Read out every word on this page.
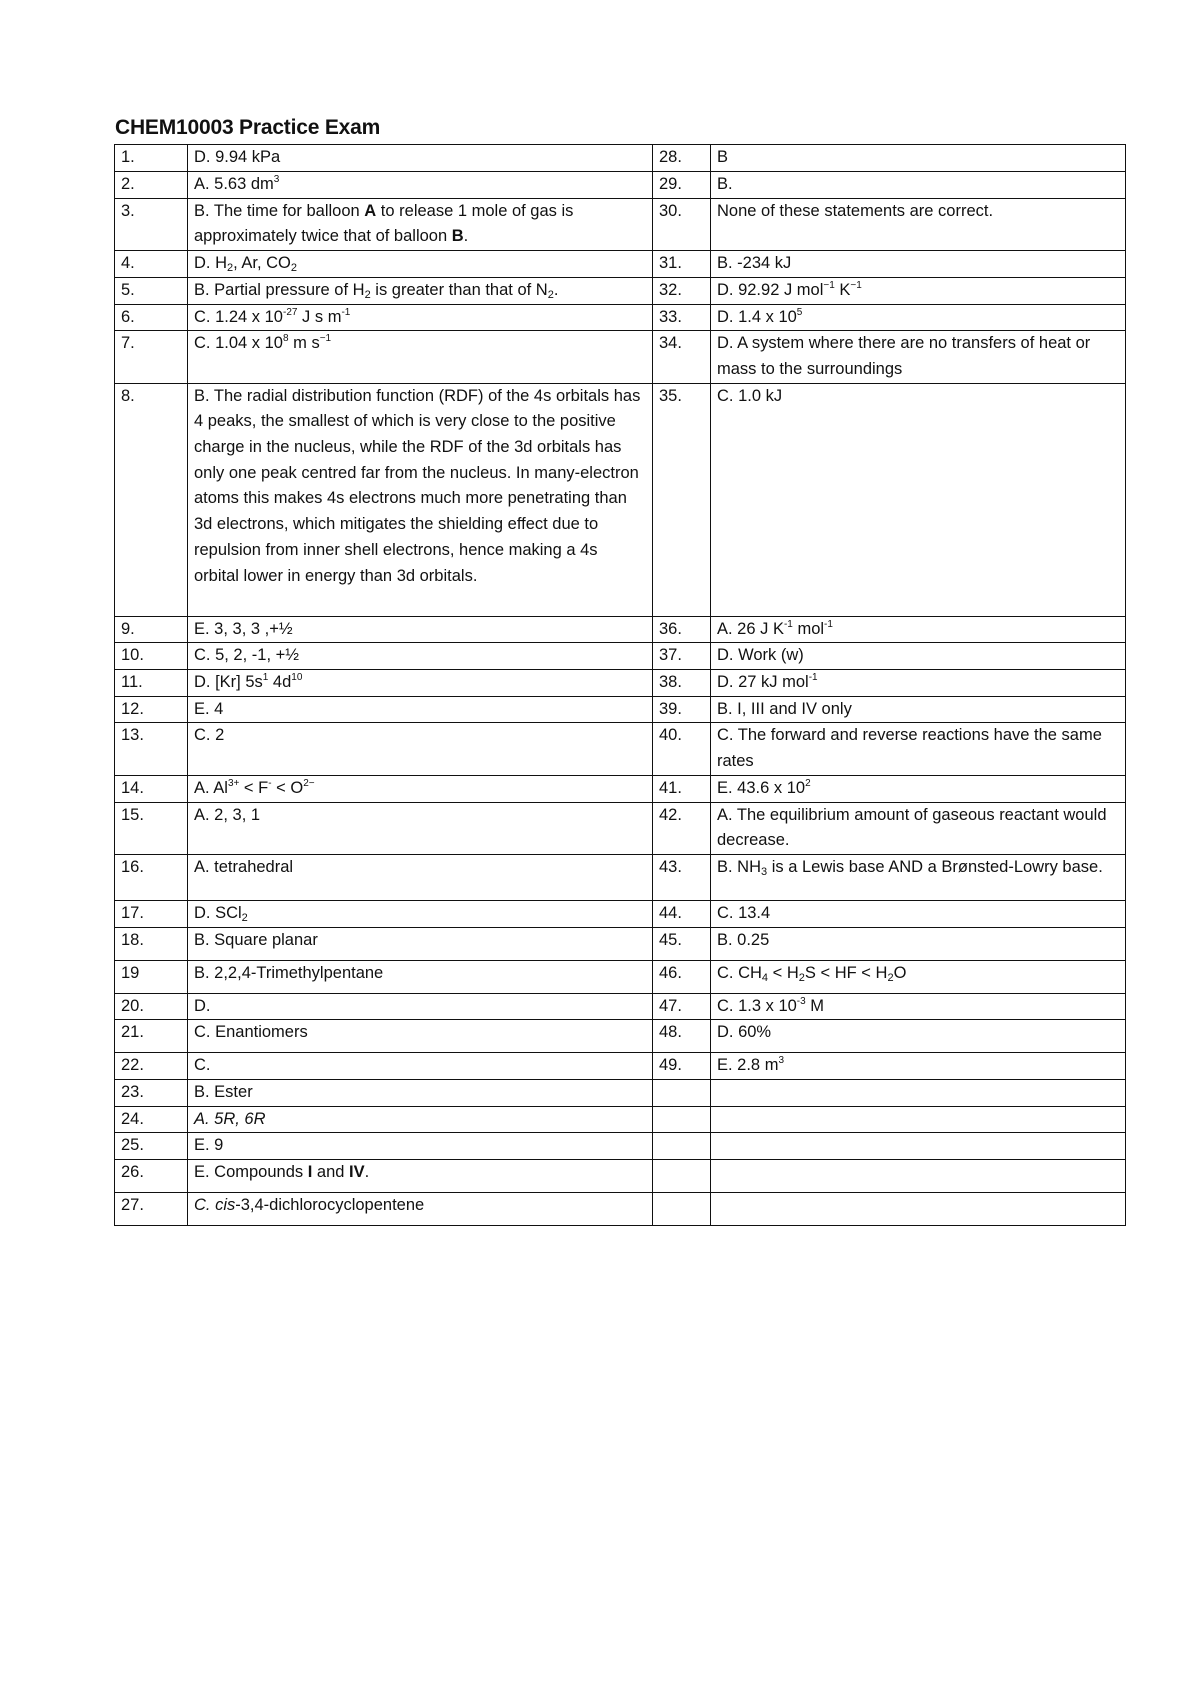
CHEM10003 Practice Exam
1.	D. 9.94 kPa	28.	B
2.	A. 5.63 $dm^3$	29.	B.
3.	B. The time for balloon A to release 1 mole of gas is approximately twice that of balloon B.	30.	None of these statements are correct.
4.	D. $H_2$, Ar, $CO_2$	31.	B. -234 kJ
5.	B. Partial pressure of $H_2$ is greater than that of $N_2$.	32.	D. 92.92 J mol$^{-1}$ $K^{-1}$
6.	C. 1.24 x $10^{-27}$ J s $m^{-1}$	33.	D. 1.4 x $10^5$
7.	C. 1.04 x $10^8$ m $s^{-1}$	34.	D. A system where there are no transfers of heat or mass to the surroundings
8.	B. The radial distribution function (RDF) of the 4s orbitals has 4 peaks, the smallest of which is very close to the positive charge in the nucleus, while the RDF of the 3d orbitals has only one peak centred far from the nucleus. In many-electron atoms this makes 4s electrons much more penetrating than 3d electrons, which mitigates the shielding effect due to repulsion from inner shell electrons, hence making a 4s orbital lower in energy than 3d orbitals.	35.	C. 1.0 kJ
9.	E. 3, 3, 3 ,+½	36.	A. 26 J $K^{-1}$ mol$^{-1}$
10.	C. 5, 2, -1, +½	37.	D. Work (w)
11.	D. [Kr] $5s^1$ $4d^{10}$	38.	D. 27 kJ mol$^{-1}$
12.	E. 4	39.	B. I, III and IV only
13.	C. 2	40.	C. The forward and reverse reactions have the same rates
14.	A. $Al^{3+} < F^- < O^{2-}$	41.	E. 43.6 x $10^2$
15.	A. 2, 3, 1	42.	A. The equilibrium amount of gaseous reactant would decrease.
16.	A. tetrahedral	43.	B. $NH_3$ is a Lewis base AND a Brønsted-Lowry base.
17.	D. SCl$_2$	44.	C. 13.4
18.	B. Square planar	45.	B. 0.25
19	B. 2,2,4-Trimethylpentane	46.	C. $CH_4 < H_2S$ < HF < $H_2O$
20.	D.	47.	C. 1.3 x $10^{-3}$ M
21.	C. Enantiomers	48.	D. 60%
22.	C.	49.	E. 2.8 $m^3$
23.	B. Ester		
24.	A. 5R, 6R		
25.	E. 9		
26.	E. Compounds I and IV.		
27.	C. cis-3,4-dichlorocyclopentene		
